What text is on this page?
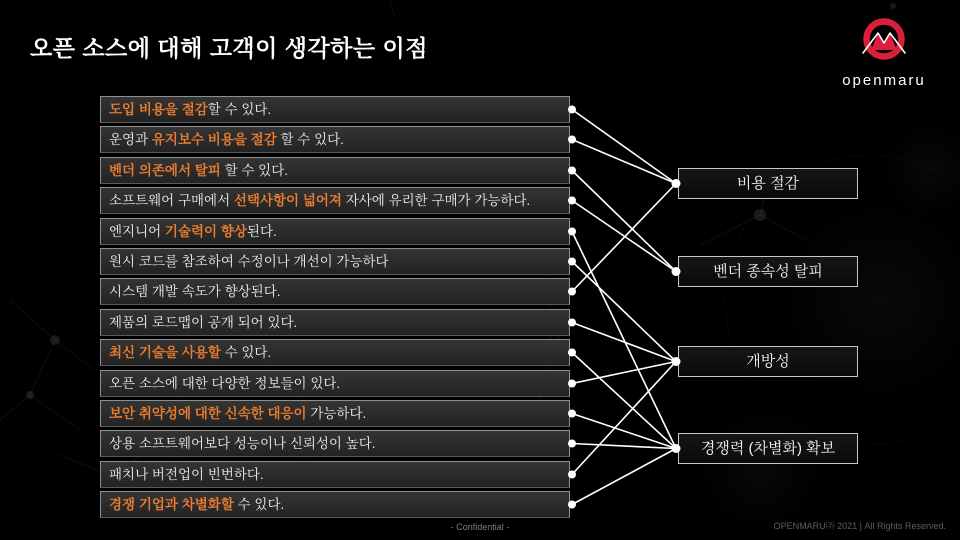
오픈 소스에 대해 고객이 생각하는 이점
openmaru
도입 비용을 절감할 수 있다.
운영과 유지보수 비용을 절감 할 수 있다.
벤더 의존에서 탈피 할 수 있다.
소프트웨어 구매에서 선택사항이 넓어져 자사에 유리한 구매가 가능하다.
엔지니어 기술력이 향상된다.
원시 코드를 참조하여 수정이나 개선이 가능하다
시스템 개발 속도가 향상된다.
제품의 로드맵이 공개 되어 있다.
최신 기술을 사용할 수 있다.
오픈 소스에 대한 다양한 정보들이 있다.
보안 취약성에 대한 신속한 대응이 가능하다.
상용 소프트웨어보다 성능이나 신뢰성이 높다.
패치나 버전업이 빈번하다.
경쟁 기업과 차별화할 수 있다.
비용 절감
벤더 종속성 탈피
개방성
경쟁력 (차별화) 확보
- Confidential -	OPENMARU㈜ 2021 | All Rights Reserved.
